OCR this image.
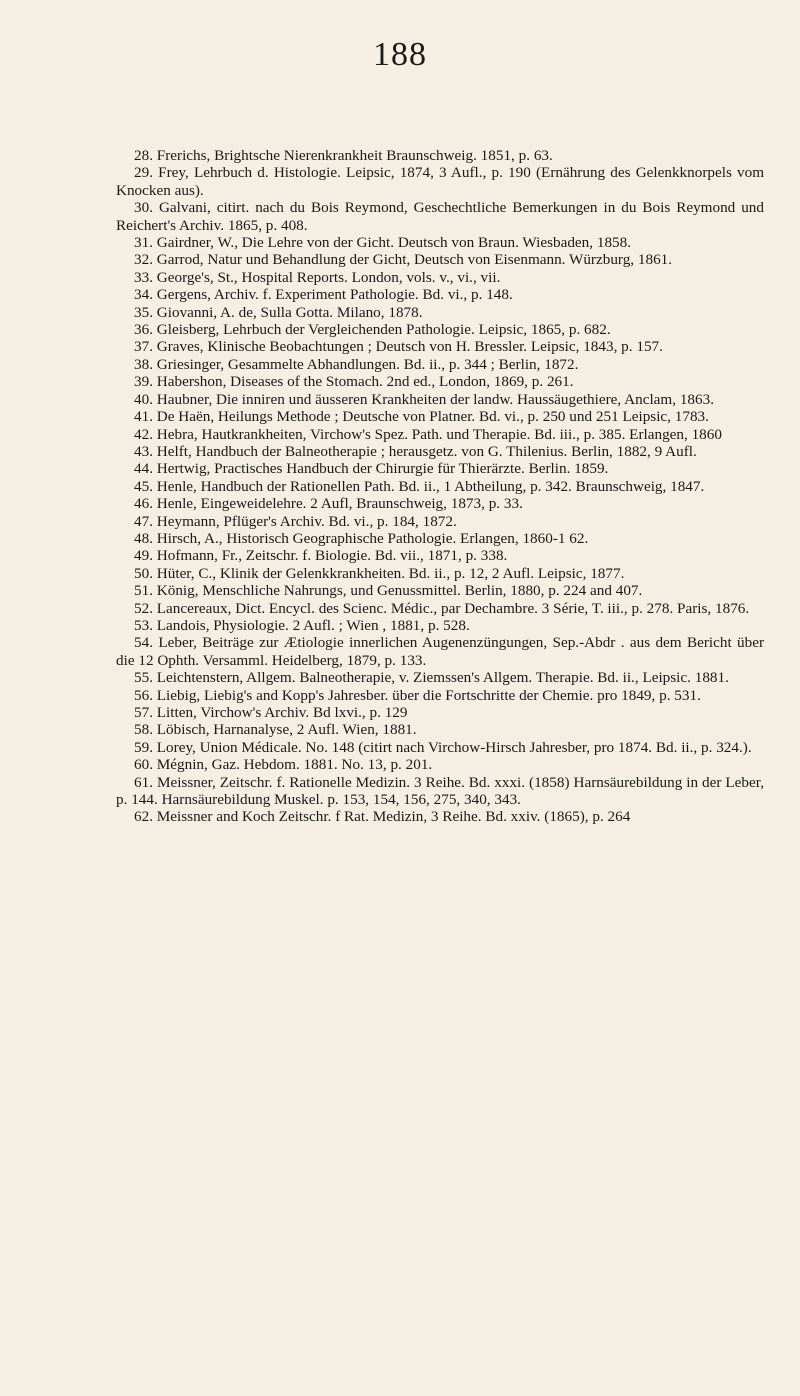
188

28. Frerichs, Brightsche Nierenkrankheit Braunschweig. 1851, p. 63.

29. Frey, Lehrbuch d. Histologie. Leipsic, 1874, 3 Aufl., p. 190 (Ernährung des Gelenkknorpels vom Knocken aus).

30. Galvani, citirt. nach du Bois Reymond, Geschechtliche Bemerkungen in du Bois Reymond und Reichert's Archiv. 1865, p. 408.

31. Gairdner, W., Die Lehre von der Gicht. Deutsch von Braun. Wiesbaden, 1858.

32. Garrod, Natur und Behandlung der Gicht, Deutsch von Eisenmann. Würzburg, 1861.

33. George's, St., Hospital Reports. London, vols. v., vi., vii.

34. Gergens, Archiv. f. Experiment Pathologie. Bd. vi., p. 148.

35. Giovanni, A. de, Sulla Gotta. Milano, 1878.

36. Gleisberg, Lehrbuch der Vergleichenden Pathologie. Leipsic, 1865, p. 682.

37. Graves, Klinische Beobachtungen ; Deutsch von H. Bressler. Leipsic, 1843, p. 157.

38. Griesinger, Gesammelte Abhandlungen. Bd. ii., p. 344 ; Berlin, 1872.

39. Habershon, Diseases of the Stomach. 2nd ed., London, 1869, p. 261.

40. Haubner, Die inniren und äusseren Krankheiten der landw. Haussäugethiere, Anclam, 1863.

41. De Haën, Heilungs Methode ; Deutsche von Platner. Bd. vi., p. 250 und 251 Leipsic, 1783.

42. Hebra, Hautkrankheiten, Virchow's Spez. Path. und Therapie. Bd. iii., p. 385. Erlangen, 1860

43. Helft, Handbuch der Balneotherapie ; herausgetz. von G. Thilenius. Berlin, 1882, 9 Aufl.

44. Hertwig, Practisches Handbuch der Chirurgie für Thierärzte. Berlin. 1859.

45. Henle, Handbuch der Rationellen Path. Bd. ii., 1 Abtheilung, p. 342. Braunschweig, 1847.

46. Henle, Eingeweidelehre. 2 Aufl, Braunschweig, 1873, p. 33.

47. Heymann, Pflüger's Archiv. Bd. vi., p. 184, 1872.

48. Hirsch, A., Historisch Geographische Pathologie. Erlangen, 1860-1 62.

49. Hofmann, Fr., Zeitschr. f. Biologie. Bd. vii., 1871, p. 338.

50. Hüter, C., Klinik der Gelenkkrankheiten. Bd. ii., p. 12, 2 Aufl. Leipsic, 1877.

51. König, Menschliche Nahrungs, und Genussmittel. Berlin, 1880, p. 224 and 407.

52. Lancereaux, Dict. Encycl. des Scienc. Médic., par Dechambre. 3 Série, T. iii., p. 278. Paris, 1876.

53. Landois, Physiologie. 2 Aufl. ; Wien , 1881, p. 528.

54. Leber, Beiträge zur Ætiologie innerlichen Augenenzüngungen, Sep.-Abdr . aus dem Bericht über die 12 Ophth. Versamml. Heidelberg, 1879, p. 133.

55. Leichtenstern, Allgem. Balneotherapie, v. Ziemssen's Allgem. Therapie. Bd. ii., Leipsic. 1881.

56. Liebig, Liebig's and Kopp's Jahresber. über die Fortschritte der Chemie. pro 1849, p. 531.

57. Litten, Virchow's Archiv. Bd lxvi., p. 129

58. Löbisch, Harnanalyse, 2 Aufl. Wien, 1881.

59. Lorey, Union Médicale. No. 148 (citirt nach Virchow-Hirsch Jahresber, pro 1874. Bd. ii., p. 324.).

60. Mégnin, Gaz. Hebdom. 1881. No. 13, p. 201.

61. Meissner, Zeitschr. f. Rationelle Medizin. 3 Reihe. Bd. xxxi. (1858) Harnsäurebildung in der Leber, p. 144. Harnsäurebildung Muskel. p. 153, 154, 156, 275, 340, 343.

62. Meissner and Koch Zeitschr. f Rat. Medizin, 3 Reihe. Bd. xxiv. (1865), p. 264
